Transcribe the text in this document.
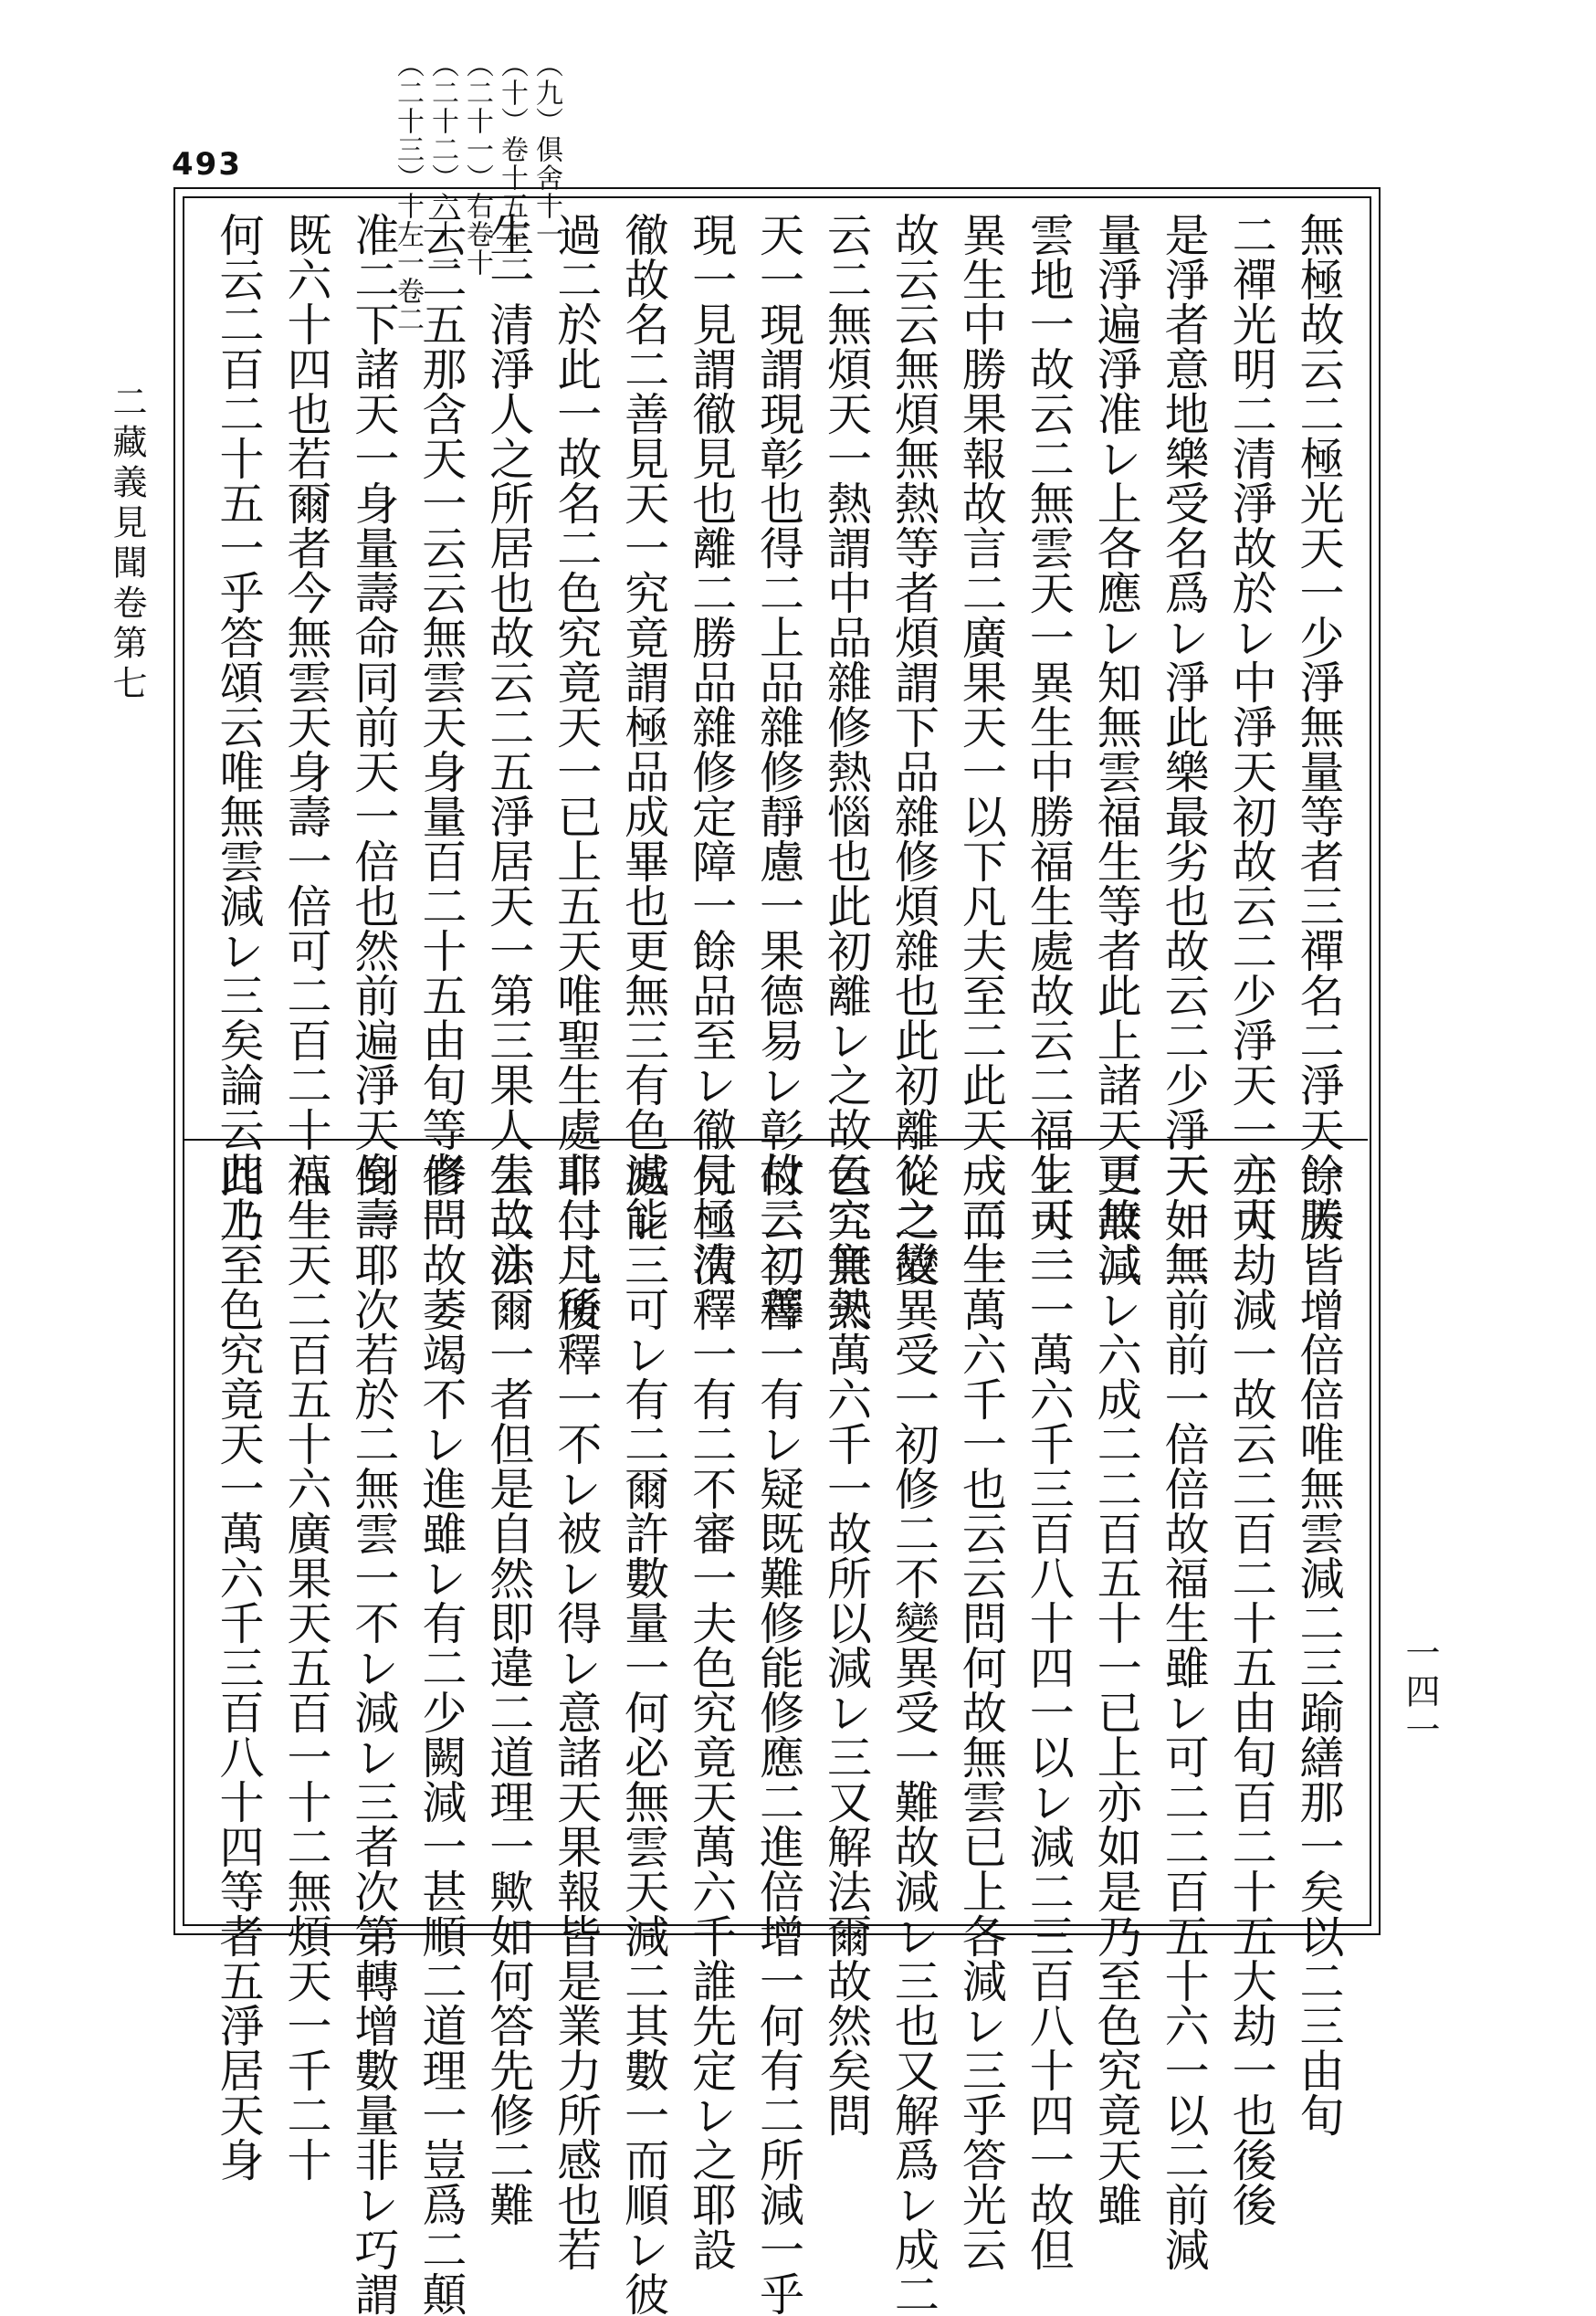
493	（九）俱舍十一
（十）卷十五左一
（二十一）右卷十
（二十二）六十一
（二十三）十左一卷二
二藏義見聞卷第七	無極故云二極光天一少淨無量等者三禪名二淨天一勝
二禪光明二清淨故於レ中淨天初故云二少淨天一亦可
是淨者意地樂受名爲レ淨此樂最劣也故云二少淨天一無
量淨遍淨准レ上各應レ知無雲福生等者此上諸天更無二
雲地一故云二無雲天一異生中勝福生處故云二福生天一
異生中勝果報故言二廣果天一以下凡夫至二此天一而生
故云云無煩無熱等者煩謂下品雜修煩雜也此初離レ之故
云二無煩天一熱謂中品雜修熱惱也此初離レ之故云二無熱
天一現謂現彰也得二上品雜修靜慮一果德易レ彰故云二善
現一見謂徹見也離二勝品雜修定障一餘品至レ徹見極清
徹故名二善見天一究竟謂極品成畢也更無三有色處能
過二於此一故名二色究竟天一已上五天唯聖生處非二凡所
生一清淨人之所居也故云二五淨居天一第三果人生故亦
云二五那含天一云云無雲天身量百二十五由旬等者問
准二下諸天一身量壽命同前天一倍也然前遍淨天身壽
既六十四也若爾者今無雲天身壽一倍可二百二十八一
何云二百二十五一乎答頌云唯無雲減レ三矣論云此上
餘天皆增倍倍唯無雲減二三踰繕那一矣以二三由旬
三大劫減一故云二百二十五由旬百二十五大劫一也後後
天如二前前一倍倍故福生雖レ可二二百五十六一以二前減
三故減レ六成二二百五十一已上亦如是乃至色究竟天雖
レ可二一萬六千三百八十四一以レ減二三百八十四一故但
成二一萬六千一也云云問何故無雲已上各減レ三乎答光云
從二變異受一初修二不變異受一難故減レ三也又解爲レ成二
色究竟天萬六千一故所以減レ三又解法爾故然矣問
付二初釋一有レ疑既難修能修應二進倍增一何有二所減一乎
付二次釋一有二不審一夫色究竟天萬六千誰先定レ之耶設
減レ三可レ有二爾許數量一何必無雲天減二其數一而順レ彼
耶付二後釋一不レ被レ得レ意諸天果報皆是業力所感也若
云二法爾一者但是自然即違二道理一歟如何答先修二難
修一故萎竭不レ進雖レ有二少闕減一甚順二道理一豈爲二顛
倒一耶次若於二無雲一不レ減レ三者次第轉增數量非レ巧謂
福生天二百五十六廣果天五百一十二無煩天一千二十
四乃至色究竟天一萬六千三百八十四等者五淨居天身	一四一
